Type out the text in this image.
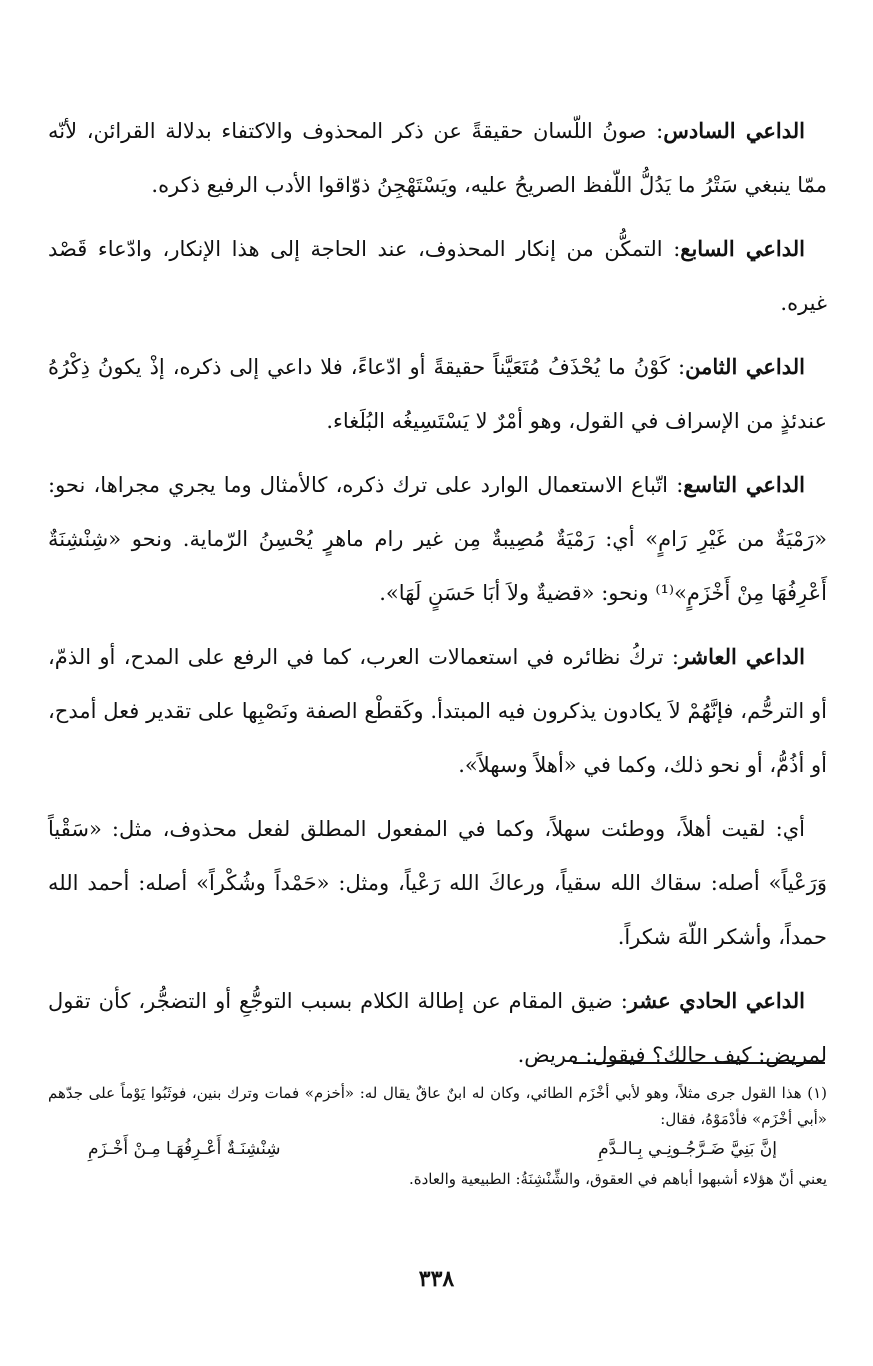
الداعي السادس: صونُ اللّسان حقيقةً عن ذكر المحذوف والاكتفاء بدلالة القرائن، لأنّه ممّا ينبغي سَتْرُ ما يَدُلُّ اللّفظ الصريحُ عليه، ويَسْتَهْجِنُ ذوّاقوا الأدب الرفيع ذكره.

الداعي السابع: التمكُّن من إنكار المحذوف، عند الحاجة إلى هذا الإنكار، وادّعاء قَصْد غيره.

الداعي الثامن: كَوْنُ ما يُحْذَفُ مُتَعَيَّناً حقيقةً أو ادّعاءً، فلا داعي إلى ذكره، إذْ يكونُ ذِكْرُهُ عندئذٍ من الإسراف في القول، وهو أمْرٌ لا يَسْتَسِيغُه البُلَغاء.

الداعي التاسع: اتّباع الاستعمال الوارد على ترك ذكره، كالأمثال وما يجري مجراها، نحو: «رَمْيَةٌ من غَيْرِ رَامٍ» أي: رَمْيَةٌ مُصِيبةٌ مِن غير رام ماهرٍ يُحْسِنُ الرّماية. ونحو «شِنْشِنَةٌ أَعْرِفُهَا مِنْ أَخْزَمٍ»⁽¹⁾ ونحو: «قضيةٌ ولاَ أبَا حَسَنٍ لَهَا».

الداعي العاشر: تركُ نظائره في استعمالات العرب، كما في الرفع على المدح، أو الذمّ، أو الترحُّم، فإنَّهُمْ لاَ يكادون يذكرون فيه المبتدأ. وكَقطْع الصفة ونَصْبِها على تقدير فعل أمدح، أو أذُمُّ، أو نحو ذلك، وكما في «أهلاً وسهلاً».

أي: لقيت أهلاً، ووطئت سهلاً، وكما في المفعول المطلق لفعل محذوف، مثل: «سَقْياً وَرَعْياً» أصله: سقاك الله سقياً، ورعاكَ الله رَعْياً، ومثل: «حَمْداً وشُكْراً» أصله: أحمد الله حمداً، وأشكر اللّهَ شكراً.

الداعي الحادي عشر: ضيق المقام عن إطالة الكلام بسبب التوجُّعِ أو التضجُّر، كأن تقول لمريض: كيف حالك؟ فيقول: مريض.

(١) هذا القول جرى مثلاً، وهو لأبي أخْزَم الطائي، وكان له ابنٌ عاقٌ يقال له: «أخزم» فمات وترك بنين، فوثَبُوا يَوْماً على جدّهم «أبي أخْزَم» فأدْمَوْهُ، فقال:

إنَّ بَنِيَّ ضَـرَّجُـونِـي بِـالـدَّمِ
شِنْشِنَـةٌ أَعْـرِفُهَـا مِـنْ أَخْـزَمِ

يعني أنّ هؤلاء أشبهوا أباهم في العقوق، والشِّنْشِنَةُ: الطبيعية والعادة.

٣٣٨
